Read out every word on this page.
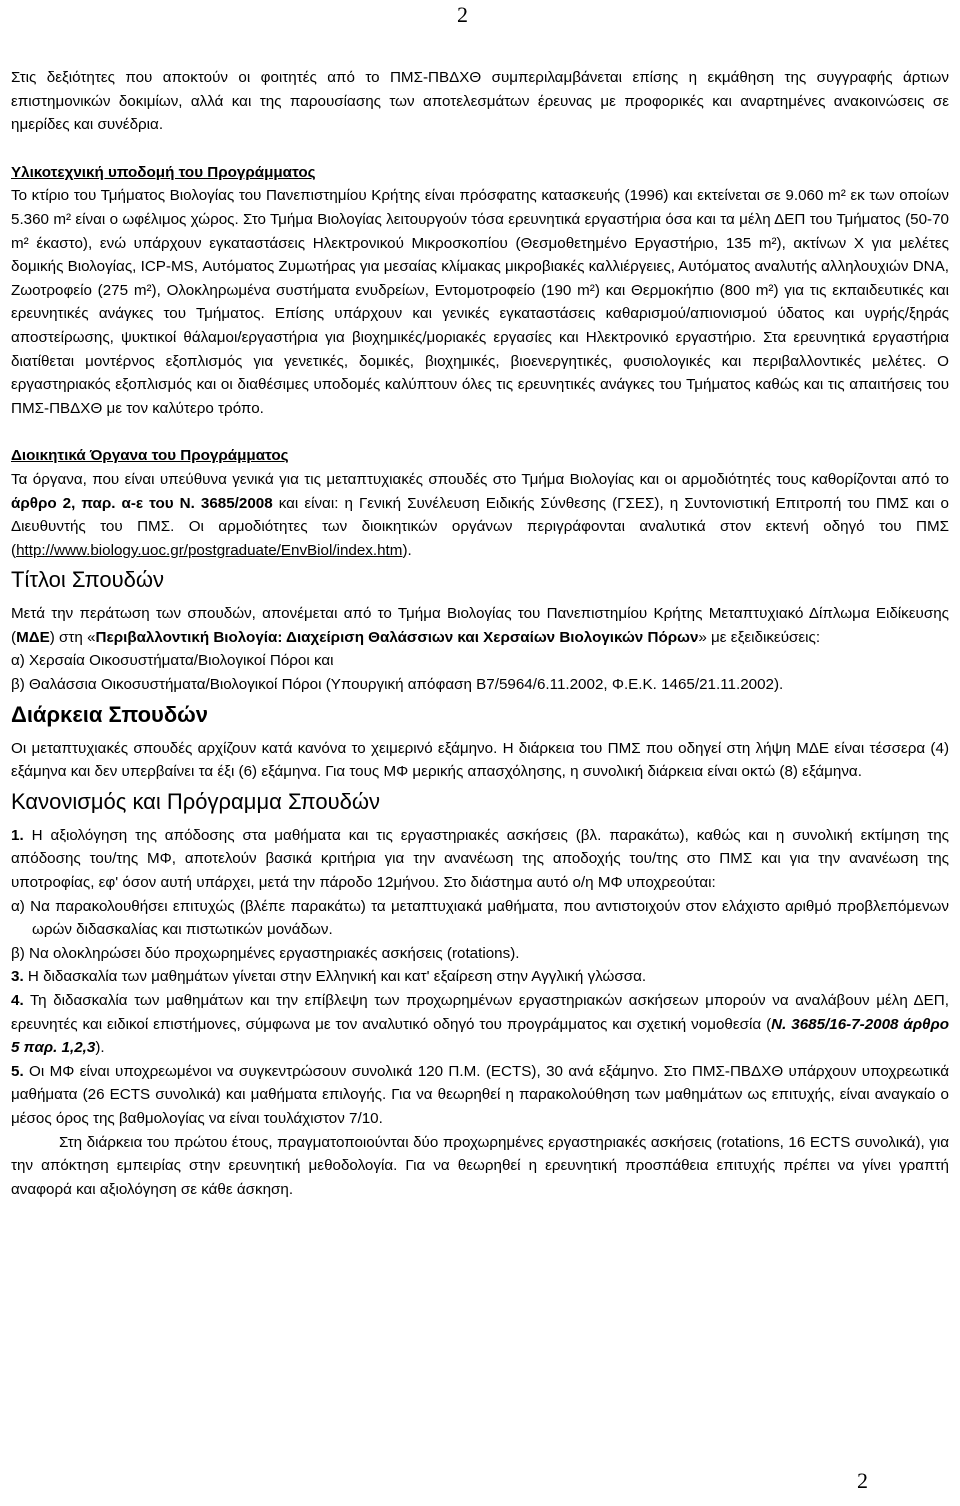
2

Στις δεξιότητες που αποκτούν οι φοιτητές από το ΠΜΣ-ΠΒΔΧΘ συμπεριλαμβάνεται επίσης η εκμάθηση της συγγραφής άρτιων επιστημονικών δοκιμίων, αλλά και της παρουσίασης των αποτελεσμάτων έρευνας με προφορικές και αναρτημένες ανακοινώσεις σε ημερίδες και συνέδρια.

Υλικοτεχνική υποδομή του Προγράμματος

Το κτίριο του Τμήματος Βιολογίας του Πανεπιστημίου Κρήτης είναι πρόσφατης κατασκευής (1996) και εκτείνεται σε 9.060 m² εκ των οποίων 5.360 m² είναι ο ωφέλιμος χώρος. Στο Τμήμα Βιολογίας λειτουργούν τόσα ερευνητικά εργαστήρια όσα και τα μέλη ΔΕΠ του Τμήματος (50-70 m² έκαστο), ενώ υπάρχουν εγκαταστάσεις Ηλεκτρονικού Μικροσκοπίου (Θεσμοθετημένο Εργαστήριο, 135 m²), ακτίνων Χ για μελέτες δομικής Βιολογίας, ICP-MS, Αυτόματος Ζυμωτήρας για μεσαίας κλίμακας μικροβιακές καλλιέργειες, Αυτόματος αναλυτής αλληλουχιών DNA, Ζωοτροφείο (275 m²), Ολοκληρωμένα συστήματα ενυδρείων, Εντομοτροφείο (190 m²) και Θερμοκήπιο (800 m²) για τις εκπαιδευτικές και ερευνητικές ανάγκες του Τμήματος. Επίσης υπάρχουν και γενικές εγκαταστάσεις καθαρισμού/απιονισμού ύδατος και υγρής/ξηράς αποστείρωσης, ψυκτικοί θάλαμοι/εργαστήρια για βιοχημικές/μοριακές εργασίες και Ηλεκτρονικό εργαστήριο. Στα ερευνητικά εργαστήρια διατίθεται μοντέρνος εξοπλισμός για γενετικές, δομικές, βιοχημικές, βιοενεργητικές, φυσιολογικές και περιβαλλοντικές μελέτες. Ο εργαστηριακός εξοπλισμός και οι διαθέσιμες υποδομές καλύπτουν όλες τις ερευνητικές ανάγκες του Τμήματος καθώς και τις απαιτήσεις του ΠΜΣ-ΠΒΔΧΘ με τον καλύτερο τρόπο.

Διοικητικά Όργανα του Προγράμματος

Τα όργανα, που είναι υπεύθυνα γενικά για τις μεταπτυχιακές σπουδές στο Τμήμα Βιολογίας και οι αρμοδιότητές τους καθορίζονται από το άρθρο 2, παρ. α-ε του Ν. 3685/2008 και είναι: η Γενική Συνέλευση Ειδικής Σύνθεσης (ΓΣΕΣ), η Συντονιστική Επιτροπή του ΠΜΣ και ο Διευθυντής του ΠΜΣ. Οι αρμοδιότητες των διοικητικών οργάνων περιγράφονται αναλυτικά στον εκτενή οδηγό του ΠΜΣ (http://www.biology.uoc.gr/postgraduate/EnvBiol/index.htm).

Τίτλοι Σπουδών

Μετά την περάτωση των σπουδών, απονέμεται από το Τμήμα Βιολογίας του Πανεπιστημίου Κρήτης Μεταπτυχιακό Δίπλωμα Ειδίκευσης (ΜΔΕ) στη «Περιβαλλοντική Βιολογία: Διαχείριση Θαλάσσιων και Χερσαίων Βιολογικών Πόρων» με εξειδικεύσεις:

α) Χερσαία Οικοσυστήματα/Βιολογικοί Πόροι και

β) Θαλάσσια Οικοσυστήματα/Βιολογικοί Πόροι (Υπουργική απόφαση Β7/5964/6.11.2002, Φ.Ε.Κ. 1465/21.11.2002).

Διάρκεια Σπουδών

Οι μεταπτυχιακές σπουδές αρχίζουν κατά κανόνα το χειμερινό εξάμηνο. Η διάρκεια του ΠΜΣ που οδηγεί στη λήψη ΜΔΕ είναι τέσσερα (4) εξάμηνα και δεν υπερβαίνει τα έξι (6) εξάμηνα. Για τους ΜΦ μερικής απασχόλησης, η συνολική διάρκεια είναι οκτώ (8) εξάμηνα.

Κανονισμός και Πρόγραμμα Σπουδών

1. Η αξιολόγηση της απόδοσης στα μαθήματα και τις εργαστηριακές ασκήσεις (βλ. παρακάτω), καθώς και η συνολική εκτίμηση της απόδοσης του/της ΜΦ, αποτελούν βασικά κριτήρια για την ανανέωση της αποδοχής του/της στο ΠΜΣ και για την ανανέωση της υποτροφίας, εφ' όσον αυτή υπάρχει, μετά την πάροδο 12μήνου. Στο διάστημα αυτό ο/η ΜΦ υποχρεούται:

α) Να παρακολουθήσει επιτυχώς (βλέπε παρακάτω) τα μεταπτυχιακά μαθήματα, που αντιστοιχούν στον ελάχιστο αριθμό προβλεπόμενων ωρών διδασκαλίας και πιστωτικών μονάδων.

β) Να ολοκληρώσει δύο προχωρημένες εργαστηριακές ασκήσεις (rotations).

3. Η διδασκαλία των μαθημάτων γίνεται στην Ελληνική και κατ' εξαίρεση στην Αγγλική γλώσσα.

4. Τη διδασκαλία των μαθημάτων και την επίβλεψη των προχωρημένων εργαστηριακών ασκήσεων μπορούν να αναλάβουν μέλη ΔΕΠ, ερευνητές και ειδικοί επιστήμονες, σύμφωνα με τον αναλυτικό οδηγό του προγράμματος και σχετική νομοθεσία (Ν. 3685/16-7-2008 άρθρο 5 παρ. 1,2,3).

5. Οι ΜΦ είναι υποχρεωμένοι να συγκεντρώσουν συνολικά 120 Π.Μ. (ECTS), 30 ανά εξάμηνο. Στο ΠΜΣ-ΠΒΔΧΘ υπάρχουν υποχρεωτικά μαθήματα (26 ECTS συνολικά) και μαθήματα επιλογής. Για να θεωρηθεί η παρακολούθηση των μαθημάτων ως επιτυχής, είναι αναγκαίο ο μέσος όρος της βαθμολογίας να είναι τουλάχιστον 7/10.

Στη διάρκεια του πρώτου έτους, πραγματοποιούνται δύο προχωρημένες εργαστηριακές ασκήσεις (rotations, 16 ECTS συνολικά), για την απόκτηση εμπειρίας στην ερευνητική μεθοδολογία. Για να θεωρηθεί η ερευνητική προσπάθεια επιτυχής πρέπει να γίνει γραπτή αναφορά και αξιολόγηση σε κάθε άσκηση.

2
